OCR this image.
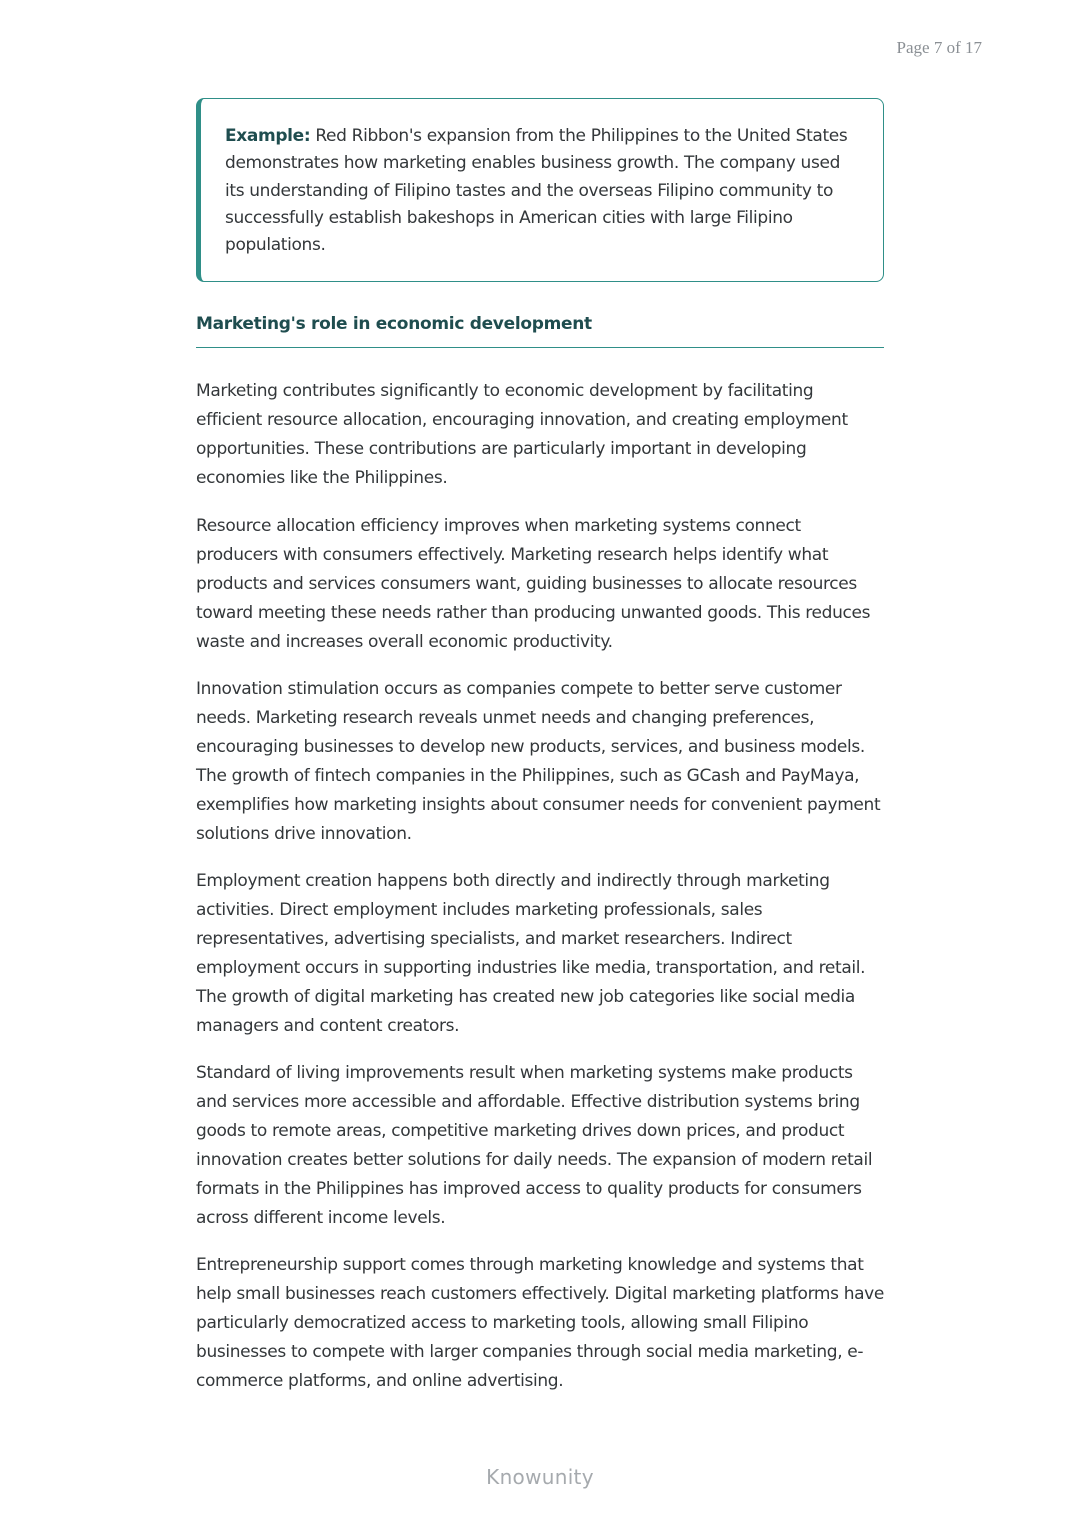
Page 7 of 17
Example: Red Ribbon's expansion from the Philippines to the United States demonstrates how marketing enables business growth. The company used its understanding of Filipino tastes and the overseas Filipino community to successfully establish bakeshops in American cities with large Filipino populations.
Marketing's role in economic development

Marketing contributes significantly to economic development by facilitating efficient resource allocation, encouraging innovation, and creating employment opportunities. These contributions are particularly important in developing economies like the Philippines.

Resource allocation efficiency improves when marketing systems connect producers with consumers effectively. Marketing research helps identify what products and services consumers want, guiding businesses to allocate resources toward meeting these needs rather than producing unwanted goods. This reduces waste and increases overall economic productivity.

Innovation stimulation occurs as companies compete to better serve customer needs. Marketing research reveals unmet needs and changing preferences, encouraging businesses to develop new products, services, and business models. The growth of fintech companies in the Philippines, such as GCash and PayMaya, exemplifies how marketing insights about consumer needs for convenient payment solutions drive innovation.

Employment creation happens both directly and indirectly through marketing activities. Direct employment includes marketing professionals, sales representatives, advertising specialists, and market researchers. Indirect employment occurs in supporting industries like media, transportation, and retail. The growth of digital marketing has created new job categories like social media managers and content creators.

Standard of living improvements result when marketing systems make products and services more accessible and affordable. Effective distribution systems bring goods to remote areas, competitive marketing drives down prices, and product innovation creates better solutions for daily needs. The expansion of modern retail formats in the Philippines has improved access to quality products for consumers across different income levels.

Entrepreneurship support comes through marketing knowledge and systems that help small businesses reach customers effectively. Digital marketing platforms have particularly democratized access to marketing tools, allowing small Filipino businesses to compete with larger companies through social media marketing, e-commerce platforms, and online advertising.

Knowunity
